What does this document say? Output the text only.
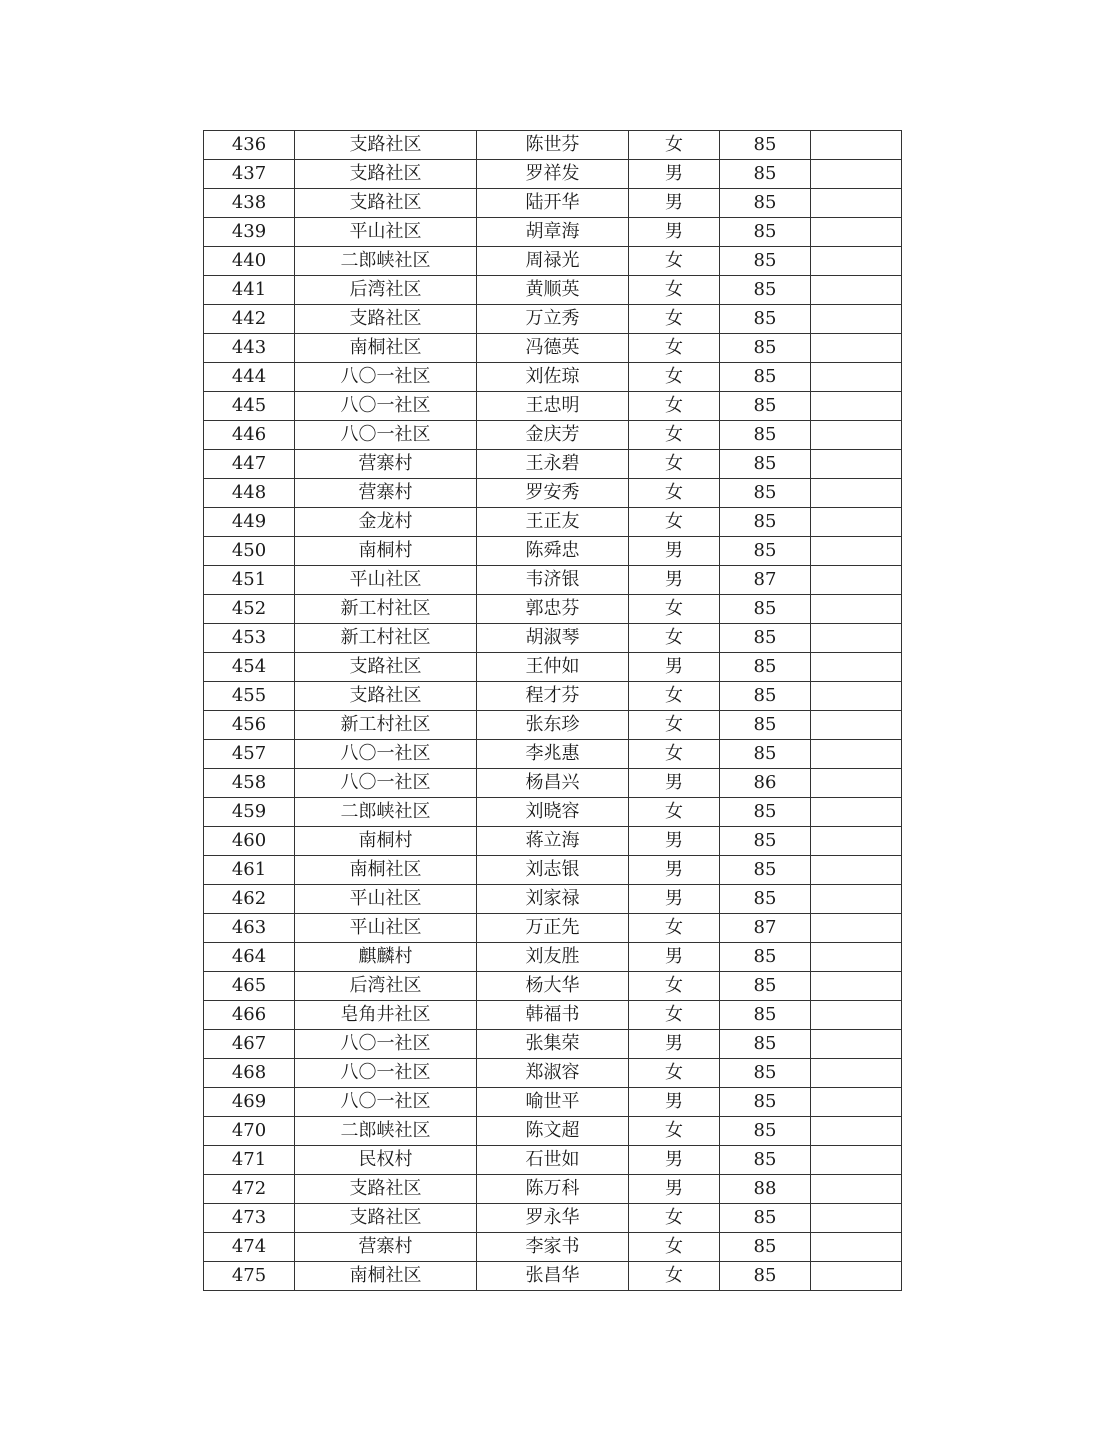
436	支路社区	陈世芬	女	85	
437	支路社区	罗祥发	男	85	
438	支路社区	陆开华	男	85	
439	平山社区	胡章海	男	85	
440	二郎峡社区	周禄光	女	85	
441	后湾社区	黄顺英	女	85	
442	支路社区	万立秀	女	85	
443	南桐社区	冯德英	女	85	
444	八〇一社区	刘佐琼	女	85	
445	八〇一社区	王忠明	女	85	
446	八〇一社区	金庆芳	女	85	
447	营寨村	王永碧	女	85	
448	营寨村	罗安秀	女	85	
449	金龙村	王正友	女	85	
450	南桐村	陈舜忠	男	85	
451	平山社区	韦济银	男	87	
452	新工村社区	郭忠芬	女	85	
453	新工村社区	胡淑琴	女	85	
454	支路社区	王仲如	男	85	
455	支路社区	程才芬	女	85	
456	新工村社区	张东珍	女	85	
457	八〇一社区	李兆惠	女	85	
458	八〇一社区	杨昌兴	男	86	
459	二郎峡社区	刘晓容	女	85	
460	南桐村	蒋立海	男	85	
461	南桐社区	刘志银	男	85	
462	平山社区	刘家禄	男	85	
463	平山社区	万正先	女	87	
464	麒麟村	刘友胜	男	85	
465	后湾社区	杨大华	女	85	
466	皂角井社区	韩福书	女	85	
467	八〇一社区	张集荣	男	85	
468	八〇一社区	郑淑容	女	85	
469	八〇一社区	喻世平	男	85	
470	二郎峡社区	陈文超	女	85	
471	民权村	石世如	男	85	
472	支路社区	陈万科	男	88	
473	支路社区	罗永华	女	85	
474	营寨村	李家书	女	85	
475	南桐社区	张昌华	女	85	
